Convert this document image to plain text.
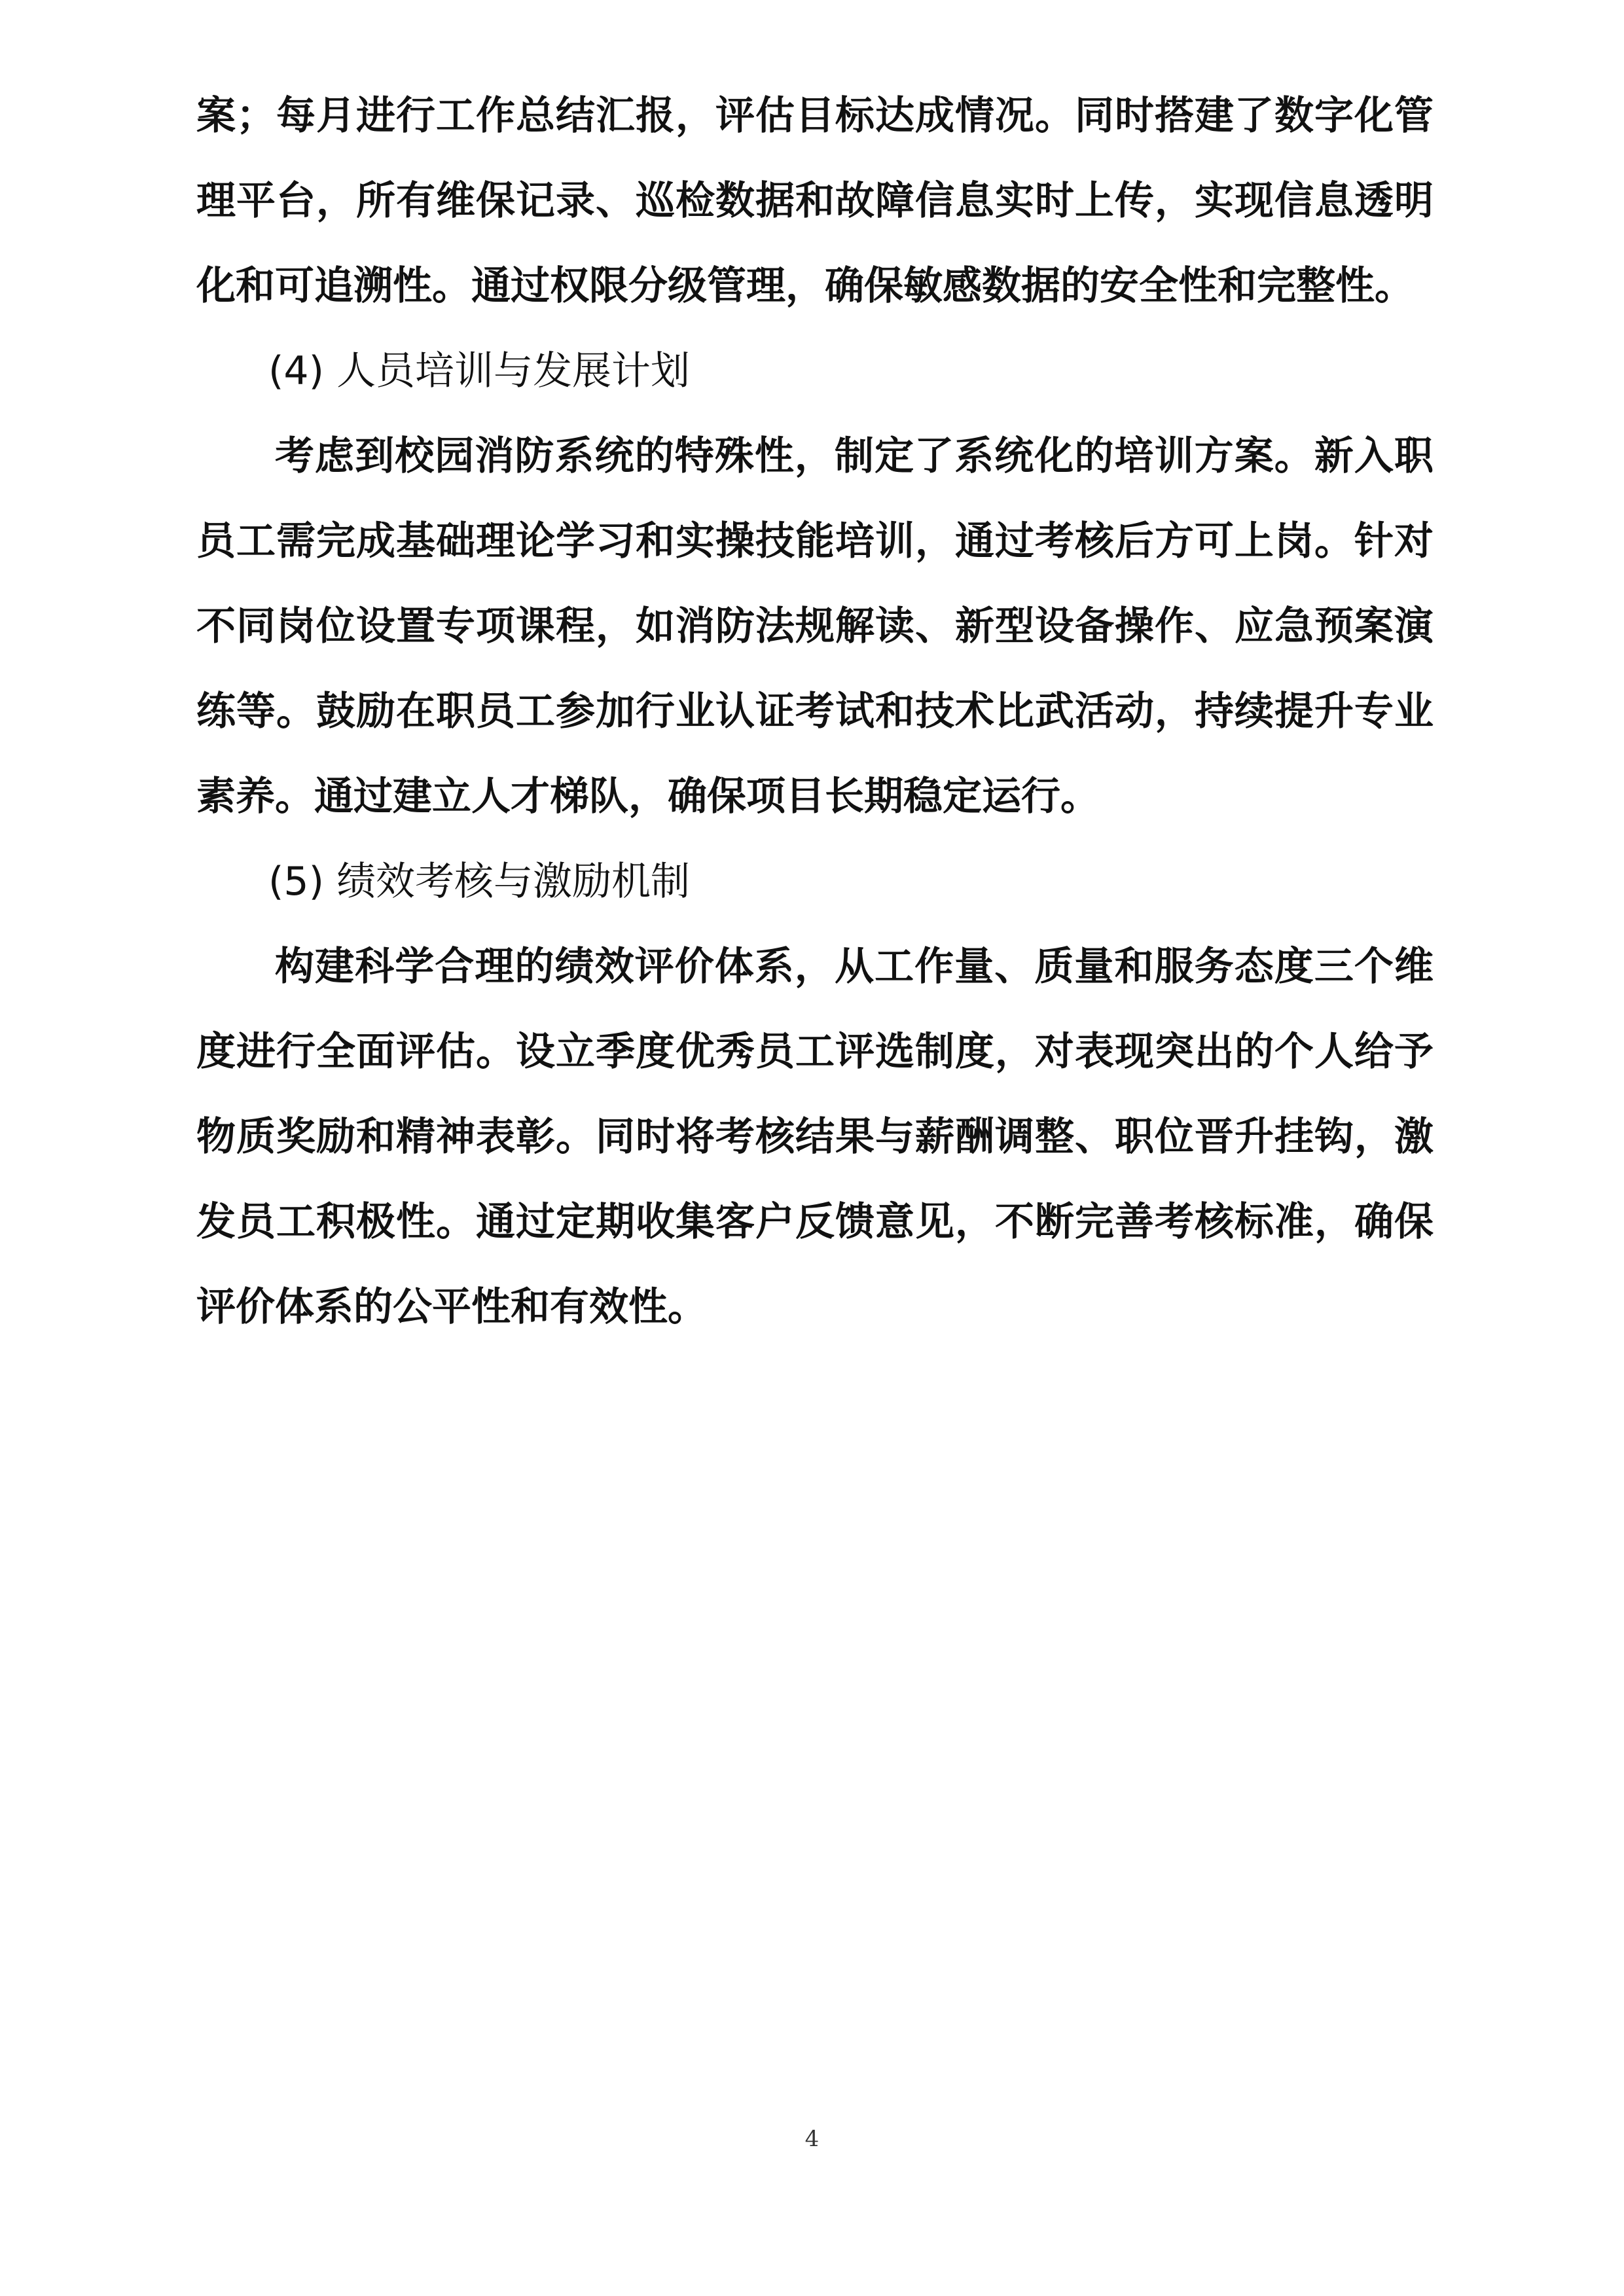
案；每月进行工作总结汇报，评估目标达成情况。同时搭建了数字化管理平台，所有维保记录、巡检数据和故障信息实时上传，实现信息透明化和可追溯性。通过权限分级管理，确保敏感数据的安全性和完整性。

(4) 人员培训与发展计划

考虑到校园消防系统的特殊性，制定了系统化的培训方案。新入职员工需完成基础理论学习和实操技能培训，通过考核后方可上岗。针对不同岗位设置专项课程，如消防法规解读、新型设备操作、应急预案演练等。鼓励在职员工参加行业认证考试和技术比武活动，持续提升专业素养。通过建立人才梯队，确保项目长期稳定运行。

(5) 绩效考核与激励机制

构建科学合理的绩效评价体系，从工作量、质量和服务态度三个维度进行全面评估。设立季度优秀员工评选制度，对表现突出的个人给予物质奖励和精神表彰。同时将考核结果与薪酬调整、职位晋升挂钩，激发员工积极性。通过定期收集客户反馈意见，不断完善考核标准，确保评价体系的公平性和有效性。

4
